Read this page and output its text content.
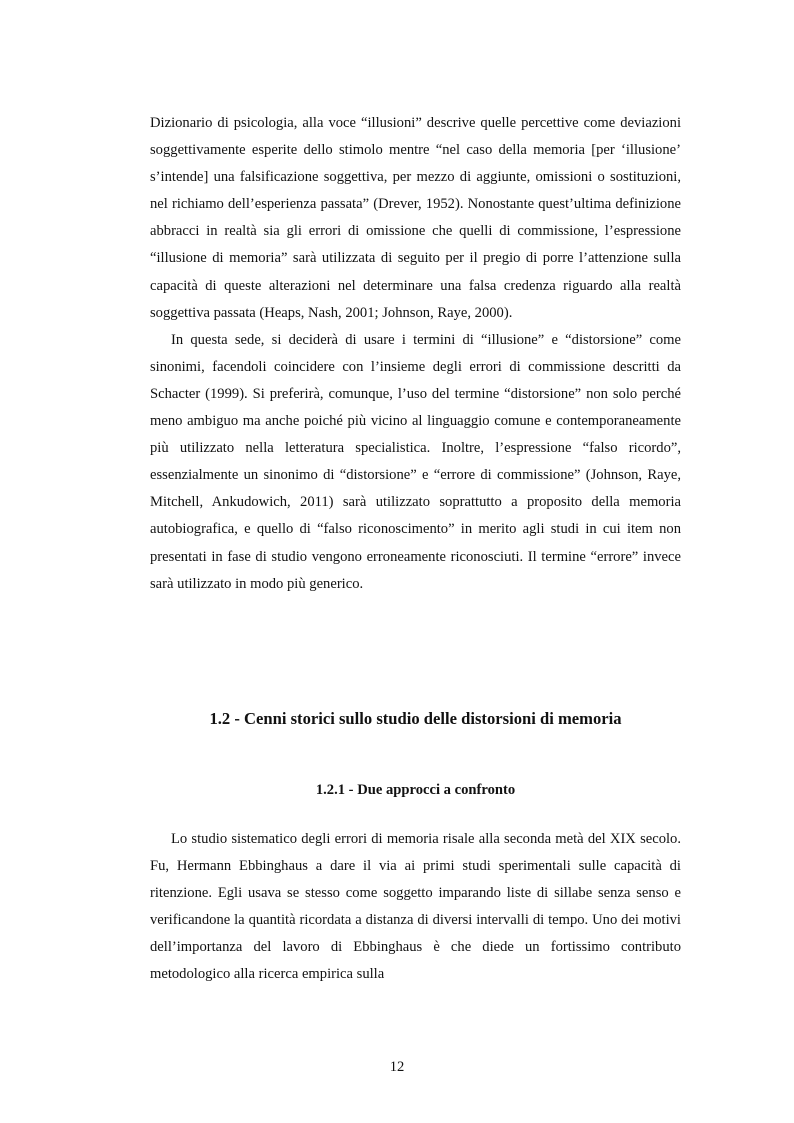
Dizionario di psicologia, alla voce “illusioni” descrive quelle percettive come deviazioni soggettivamente esperite dello stimolo mentre “nel caso della memoria [per ‘illusione’ s’intende] una falsificazione soggettiva, per mezzo di aggiunte, omissioni o sostituzioni, nel richiamo dell’esperienza passata” (Drever, 1952). Nonostante quest’ultima definizione abbracci in realtà sia gli errori di omissione che quelli di commissione, l’espressione “illusione di memoria” sarà utilizzata di seguito per il pregio di porre l’attenzione sulla capacità di queste alterazioni nel determinare una falsa credenza riguardo alla realtà soggettiva passata (Heaps, Nash, 2001; Johnson, Raye, 2000).

In questa sede, si deciderà di usare i termini di “illusione” e “distorsione” come sinonimi, facendoli coincidere con l’insieme degli errori di commissione descritti da Schacter (1999). Si preferirà, comunque, l’uso del termine “distorsione” non solo perché meno ambiguo ma anche poiché più vicino al linguaggio comune e contemporaneamente più utilizzato nella letteratura specialistica. Inoltre, l’espressione “falso ricordo”, essenzialmente un sinonimo di “distorsione” e “errore di commissione” (Johnson, Raye, Mitchell, Ankudowich, 2011) sarà utilizzato soprattutto a proposito della memoria autobiografica, e quello di “falso riconoscimento” in merito agli studi in cui item non presentati in fase di studio vengono erroneamente riconosciuti. Il termine “errore” invece sarà utilizzato in modo più generico.

1.2 - Cenni storici sullo studio delle distorsioni di memoria
1.2.1 - Due approcci a confronto

Lo studio sistematico degli errori di memoria risale alla seconda metà del XIX secolo. Fu, Hermann Ebbinghaus a dare il via ai primi studi sperimentali sulle capacità di ritenzione. Egli usava se stesso come soggetto imparando liste di sillabe senza senso e verificandone la quantità ricordata a distanza di diversi intervalli di tempo. Uno dei motivi dell’importanza del lavoro di Ebbinghaus è che diede un fortissimo contributo metodologico alla ricerca empirica sulla

12
